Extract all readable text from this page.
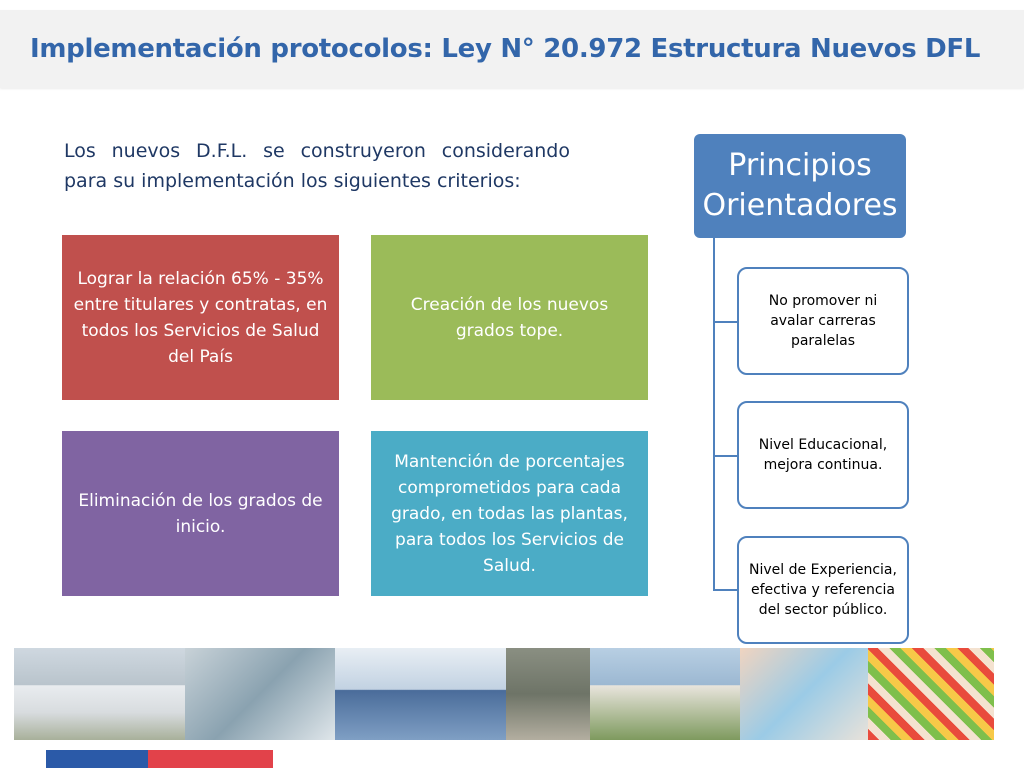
Implementación protocolos: Ley N° 20.972 Estructura Nuevos DFL

Los nuevos D.F.L. se construyeron considerando para su implementación los siguientes criterios:

Lograr la relación 65% - 35% entre titulares y contratas, en todos los Servicios de Salud del País
Creación de los nuevos grados tope.
Eliminación de los grados de inicio.
Mantención de porcentajes comprometidos para cada grado, en todas las plantas, para todos los Servicios de Salud.
Principios Orientadores
No promover ni avalar carreras paralelas
Nivel Educacional, mejora continua.
Nivel de Experiencia, efectiva y referencia del sector público.
